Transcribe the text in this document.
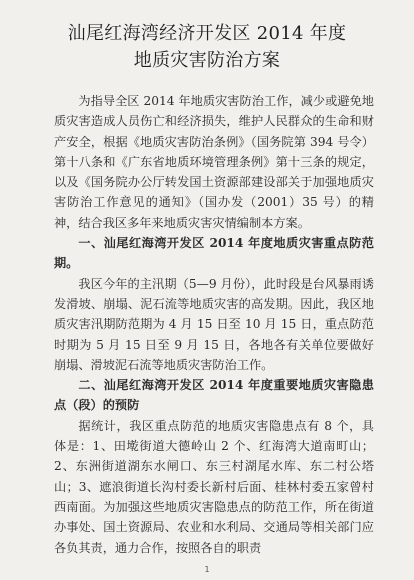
汕尾红海湾经济开发区 2014 年度
地质灾害防治方案

为指导全区 2014 年地质灾害防治工作，减少或避免地质灾害造成人员伤亡和经济损失，维护人民群众的生命和财产安全，根据《地质灾害防治条例》（国务院第 394 号令）第十八条和《广东省地质环境管理条例》第十三条的规定，以及《国务院办公厅转发国土资源部建设部关于加强地质灾害防治工作意见的通知》（国办发（2001）35 号）的精神，结合我区多年来地质灾害灾情编制本方案。

一、汕尾红海湾开发区 2014 年度地质灾害重点防范期。

我区今年的主汛期（5—9 月份），此时段是台风暴雨诱发滑坡、崩塌、泥石流等地质灾害的高发期。因此，我区地质灾害汛期防范期为 4 月 15 日至 10 月 15 日，重点防范时期为 5 月 15 日至 9 月 15 日，各地各有关单位要做好崩塌、滑坡泥石流等地质灾害防治工作。

二、汕尾红海湾开发区 2014 年度重要地质灾害隐患点（段）的预防

据统计，我区重点防范的地质灾害隐患点有 8 个，具体是：1、田墘街道大德岭山 2 个、红海湾大道南町山；2、东洲街道湖东水闸口、东三村湖尾水库、东二村公塔山；3、遮浪街道长沟村委长新村后面、桂林村委五家曾村西南面。为加强这些地质灾害隐患点的防范工作，所在街道办事处、国土资源局、农业和水利局、交通局等相关部门应各负其责，通力合作，按照各自的职责

1
